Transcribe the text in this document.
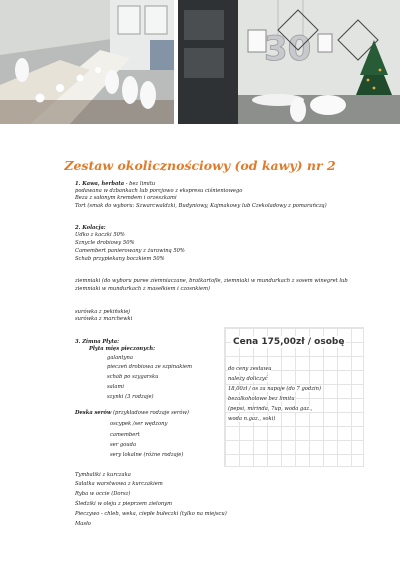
30
Zestaw okolicznościowy (od kawy) nr 2
1. Kawa, herbata - bez limitu
podawana w dzbankach lub porcjowo z ekspresu ciśnieniowego
Beza z sałonym kremdem i orzeszkami
Tort (smak do wyboru: Szwarcwaldzki, Budyniowy, Kajmakowy lub Czekoladowy z pomarańczą)
2. Kolacja:
Udko z kaczki 50%
Sznycle drobiowy 50%
Camembert panierowany z żurawiną 50%
Schab przypiekany boczkiem 50%
ziemniaki (do wyboru puree ziemniaczane, bratkartofle, ziemniaki w mundurkach z sosem winegret lub
ziemniaki w mundurkach z masełkiem i czosnkiem)
surówka z pekińskiej
surówka z marchewki
3. Zimna Płyta:
Płyta mięs pieczonych:
galantyna
pieczeń drobiowa ze szpinakiem
schab po szygarsku
salami
szynki (3 rodzaje)
Deska serów (przykładowe rodzaje serów)
oscypek /ser wędzony
camembert
ser gouda
sery lokalne (różne rodzaje)
Tymbaliki z kurczaka
Sałatka warstwowa z kurczakiem
Ryba w occie (Dorsz)
Śledziki w oleju z pieprzem zielonym
Pieczywo - chleb, weka, ciepłe bułeczki (tylko na miejscu)
Masło
Cena 175,00zł / osobę
do ceny zestawu
należy doliczyć
18,00zł / os za napoje (do 7 godzin)
bezalkoholowe bez limitu
(pepsi, mirinda, 7up, woda gaz.,
woda n.gaz., soki)
